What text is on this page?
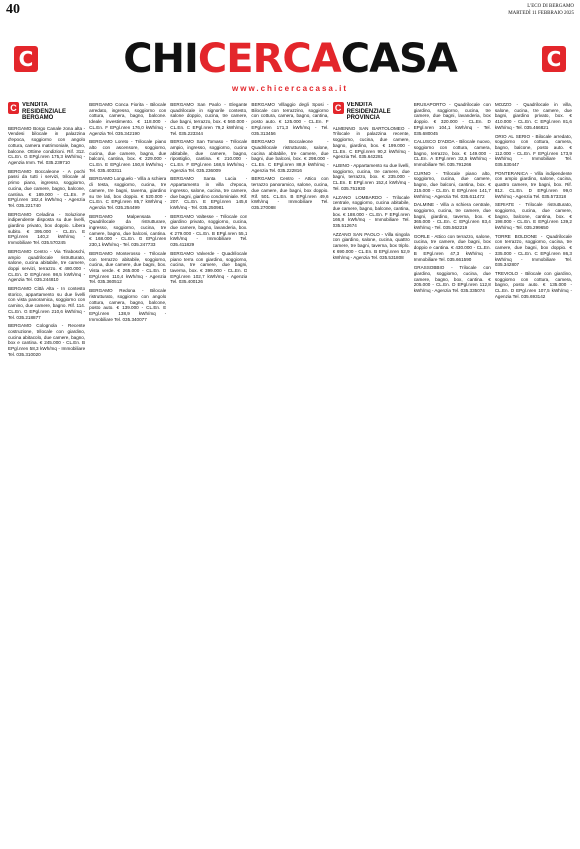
40	L'ECO DI BERGAMO
MARTEDÌ 11 FEBBRAIO 2025
C	CHICERCACASA	C
www.chicercacasa.it
C VENDITA
RESIDENZIALE
BERGAMO
BERGAMO Borgo Canale zona alta - Vendesi bilocale in palazzina d'epoca, soggiorno con angolo cottura, camera matrimoniale, bagno, balcone. Ottime condizioni. Rif. 312. CL.En. G EPgl.nren 175,3 kWh/mq - Agenzia Imm. Tel. 035.239710
BERGAMO Boccaleone - A pochi passi da tutti i servizi, trilocale al primo piano, ingresso, soggiorno, cucina, due camere, bagno, balcone, cantina. € 189.000 - CL.En. F EPgl.nren 182,4 kWh/mq - Agenzia Tel. 035.221740
BERGAMO Celadina - Soluzione indipendente disposta su due livelli, giardino privato, box doppio. Libera subito. € 395.000 - CL.En. E EPgl.nren 140,2 kWh/mq - Immobiliare Tel. 035.570245
BERGAMO Centro - Via Tiraboschi, ampio quadrilocale ristrutturato, salone, cucina abitabile, tre camere, doppi servizi, terrazzo. € 480.000 - CL.En. D EPgl.nren 98,5 kWh/mq - Agenzia Tel. 035.244810
BERGAMO Città Alta - In contesto storico, appartamento su due livelli con vista panoramica, soggiorno con camino, due camere, bagno. Rif. 114. CL.En. G EPgl.nren 210,6 kWh/mq - Tel. 035.218877
BERGAMO Colognola - Recente costruzione, trilocale con giardino, cucina abitacolo, due camere, bagno, box e cantina. € 245.000 - CL.En. B EPgl.nren 58,3 kWh/mq - Immobiliare Tel. 035.310020
BERGAMO Conca Fiorita - Bilocale arredato, ingresso, soggiorno con cottura, camera, bagno, balcone. Ideale investimento. € 118.000 - CL.En. F EPgl.nren 176,0 kWh/mq - Agenzia Tel. 035.342190
BERGAMO Loreto - Trilocale piano alto con ascensore, soggiorno, cucina, due camere, bagno, due balconi, cantina, box. € 229.000 - CL.En. E EPgl.nren 150,8 kWh/mq - Tel. 035.403311
BERGAMO Longuelo - Villa a schiera di testa, soggiorno, cucina, tre camere, tre bagni, taverna, giardino su tre lati, box doppio. € 520.000 - CL.En. C EPgl.nren 85,7 kWh/mq - Agenzia Tel. 035.254499
BERGAMO Malpensata - Quadrilocale da ristrutturare, ingresso, soggiorno, cucina, tre camere, bagno, due balconi, cantina. € 168.000 - CL.En. G EPgl.nren 230,1 kWh/mq - Tel. 035.247733
BERGAMO Monterosso - Trilocale con terrazzo abitabile, soggiorno, cucina, due camere, due bagni, box. Vista verde. € 265.000 - CL.En. D EPgl.nren 110,4 kWh/mq - Agenzia Tel. 035.360512
BERGAMO Redona - Bilocale ristrutturato, soggiorno con angolo cottura, camera, bagno, balcone, posto auto. € 139.000 - CL.En. E EPgl.nren 138,9 kWh/mq - Immobiliare Tel. 035.340077
BERGAMO San Paolo - Elegante quadrilocale in signorile contesto, salone doppio, cucina, tre camere, due bagni, terrazzo, box. € 560.000 - CL.En. C EPgl.nren 79,2 kWh/mq - Tel. 035.223344
BERGAMO San Tomaso - Trilocale ampio, ingresso, soggiorno, cucina abitabile, due camere, bagno, ripostiglio, cantina. € 210.000 - CL.En. F EPgl.nren 168,5 kWh/mq - Agenzia Tel. 035.236009
BERGAMO Santa Lucia - Appartamento in villa d'epoca, ingresso, salone, cucina, tre camere, due bagni, giardino condominiale. Rif. 207. CL.En. E EPgl.nren 145,6 kWh/mq - Tel. 035.250981
BERGAMO Valtesse - Trilocale con giardino privato, soggiorno, cucina, due camere, bagno, lavanderia, box. € 279.000 - CL.En. B EPgl.nren 55,1 kWh/mq - Immobiliare Tel. 035.411829
BERGAMO Valverde - Quadrilocale piano terra con giardino, soggiorno, cucina, tre camere, due bagni, taverna, box. € 399.000 - CL.En. D EPgl.nren 102,7 kWh/mq - Agenzia Tel. 035.400126
BERGAMO Villaggio degli Sposi - Bilocale con terrazzino, soggiorno con cottura, camera, bagno, cantina, posto auto. € 125.000 - CL.En. F EPgl.nren 171,3 kWh/mq - Tel. 035.313456
BERGAMO Boccaleone - Quadrilocale ristrutturato, salone, cucina abitabile, tre camere, due bagni, due balconi, box. € 298.000 - CL.En. C EPgl.nren 88,9 kWh/mq - Agenzia Tel. 035.222816
BERGAMO Centro - Attico con terrazzo panoramico, salone, cucina, due camere, due bagni, box doppio. Rif. 501. CL.En. B EPgl.nren 49,6 kWh/mq - Immobiliare Tel. 035.270088
C VENDITA
RESIDENZIALE
PROVINCIA
ALMENNO SAN BARTOLOMEO - Trilocale in palazzina recente, soggiorno, cucina, due camere, bagno, giardino, box. € 199.000 - CL.En. C EPgl.nren 90,2 kWh/mq - Agenzia Tel. 035.642281
ALBINO - Appartamento su due livelli, soggiorno, cucina, tre camere, due bagni, terrazzo, box. € 235.000 - CL.En. E EPgl.nren 152,4 kWh/mq - Tel. 035.751930
ALZANO LOMBARDO - Trilocale centrale, soggiorno, cucina abitabile, due camere, bagno, balcone, cantina, box. € 188.000 - CL.En. F EPgl.nren 166,8 kWh/mq - Immobiliare Tel. 035.512674
AZZANO SAN PAOLO - Villa singola con giardino, salone, cucina, quattro camere, tre bagni, taverna, box triplo. € 690.000 - CL.En. B EPgl.nren 52,9 kWh/mq - Agenzia Tel. 035.531808
BRUSAPORTO - Quadrilocale con giardino, soggiorno, cucina, tre camere, due bagni, lavanderia, box doppio. € 320.000 - CL.En. D EPgl.nren 104,1 kWh/mq - Tel. 035.680045
CALUSCO D'ADDA - Bilocale nuovo, soggiorno con cottura, camera, bagno, terrazzo, box. € 149.000 - CL.En. A EPgl.nren 32,5 kWh/mq - Immobiliare Tel. 035.791266
CURNO - Trilocale piano alto, soggiorno, cucina, due camere, bagno, due balconi, cantina, box. € 215.000 - CL.En. E EPgl.nren 141,7 kWh/mq - Agenzia Tel. 035.611472
DALMINE - Villa a schiera centrale, soggiorno, cucina, tre camere, due bagni, giardino, taverna, box. € 365.000 - CL.En. C EPgl.nren 83,4 kWh/mq - Tel. 035.562219
GORLE - Attico con terrazzo, salone, cucina, tre camere, due bagni, box doppio e cantina. € 430.000 - CL.En. B EPgl.nren 47,3 kWh/mq - Immobiliare Tel. 035.661590
GRASSOBBIO - Trilocale con giardino, soggiorno, cucina, due camere, bagno, box, cantina. € 205.000 - CL.En. D EPgl.nren 112,8 kWh/mq - Agenzia Tel. 035.335074
MOZZO - Quadrilocale in villa, salone, cucina, tre camere, due bagni, giardino privato, box. € 410.000 - CL.En. C EPgl.nren 81,6 kWh/mq - Tel. 035.466821
ORIO AL SERIO - Bilocale arredato, soggiorno con cottura, camera, bagno, balcone, posto auto. € 112.000 - CL.En. F EPgl.nren 173,9 kWh/mq - Immobiliare Tel. 035.530447
PONTERANICA - Villa indipendente con ampio giardino, salone, cucina, quattro camere, tre bagni, box. Rif. 812. CL.En. D EPgl.nren 99,0 kWh/mq - Agenzia Tel. 035.573318
SERIATE - Trilocale ristrutturato, soggiorno, cucina, due camere, bagno, balcone, cantina, box. € 198.000 - CL.En. E EPgl.nren 139,2 kWh/mq - Tel. 035.299650
TORRE BOLDONE - Quadrilocale con terrazzo, soggiorno, cucina, tre camere, due bagni, box doppio. € 335.000 - CL.En. C EPgl.nren 86,3 kWh/mq - Immobiliare Tel. 035.342807
TREVIOLO - Bilocale con giardino, soggiorno con cottura, camera, bagno, posto auto. € 135.000 - CL.En. D EPgl.nren 107,5 kWh/mq - Agenzia Tel. 035.693142
